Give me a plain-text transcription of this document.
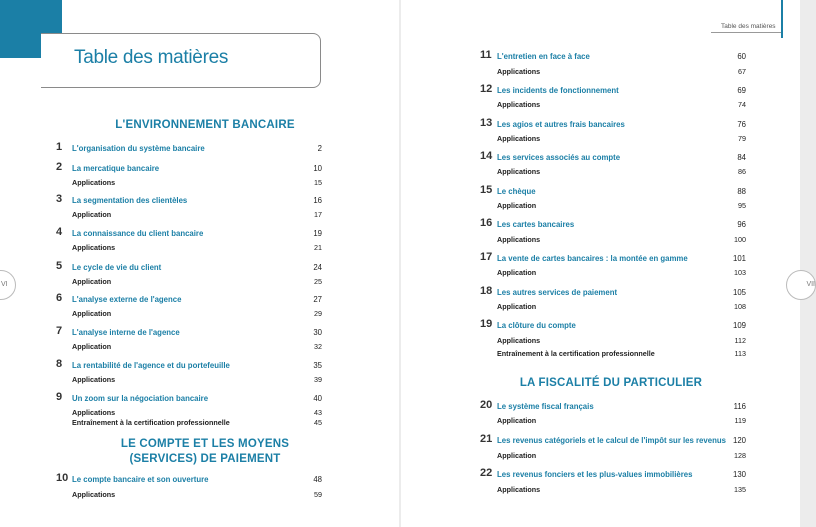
Table des matières
VI
L'ENVIRONNEMENT BANCAIRE
LE COMPTE ET LES MOYENS
(SERVICES) DE PAIEMENT
1 L'organisation du système bancaire	2
2 La mercatique bancaire	10
Applications	15
3 La segmentation des clientèles	16
Application	17
4 La connaissance du client bancaire	19
Applications	21
5 Le cycle de vie du client	24
Application	25
6 L'analyse externe de l'agence	27
Application	29
7 L'analyse interne de l'agence	30
Application	32
8 La rentabilité de l'agence et du portefeuille	35
Applications	39
9 Un zoom sur la négociation bancaire	40
Applications	43
Entraînement à la certification professionnelle	45
10 Le compte bancaire et son ouverture	48
Applications	59
Table des matières
VII
LA FISCALITÉ DU PARTICULIER
11 L'entretien en face à face	60
Applications	67
12 Les incidents de fonctionnement	69
Applications	74
13 Les agios et autres frais bancaires	76
Applications	79
14 Les services associés au compte	84
Applications	86
15 Le chèque	88
Application	95
16 Les cartes bancaires	96
Applications	100
17 La vente de cartes bancaires : la montée en gamme	101
Application	103
18 Les autres services de paiement	105
Application	108
19 La clôture du compte	109
Applications	112
Entraînement à la certification professionnelle	113
20 Le système fiscal français	116
Application	119
21 Les revenus catégoriels et le calcul de l'impôt sur les revenus 120
Application	128
22 Les revenus fonciers et les plus-values immobilières	130
Applications	135
